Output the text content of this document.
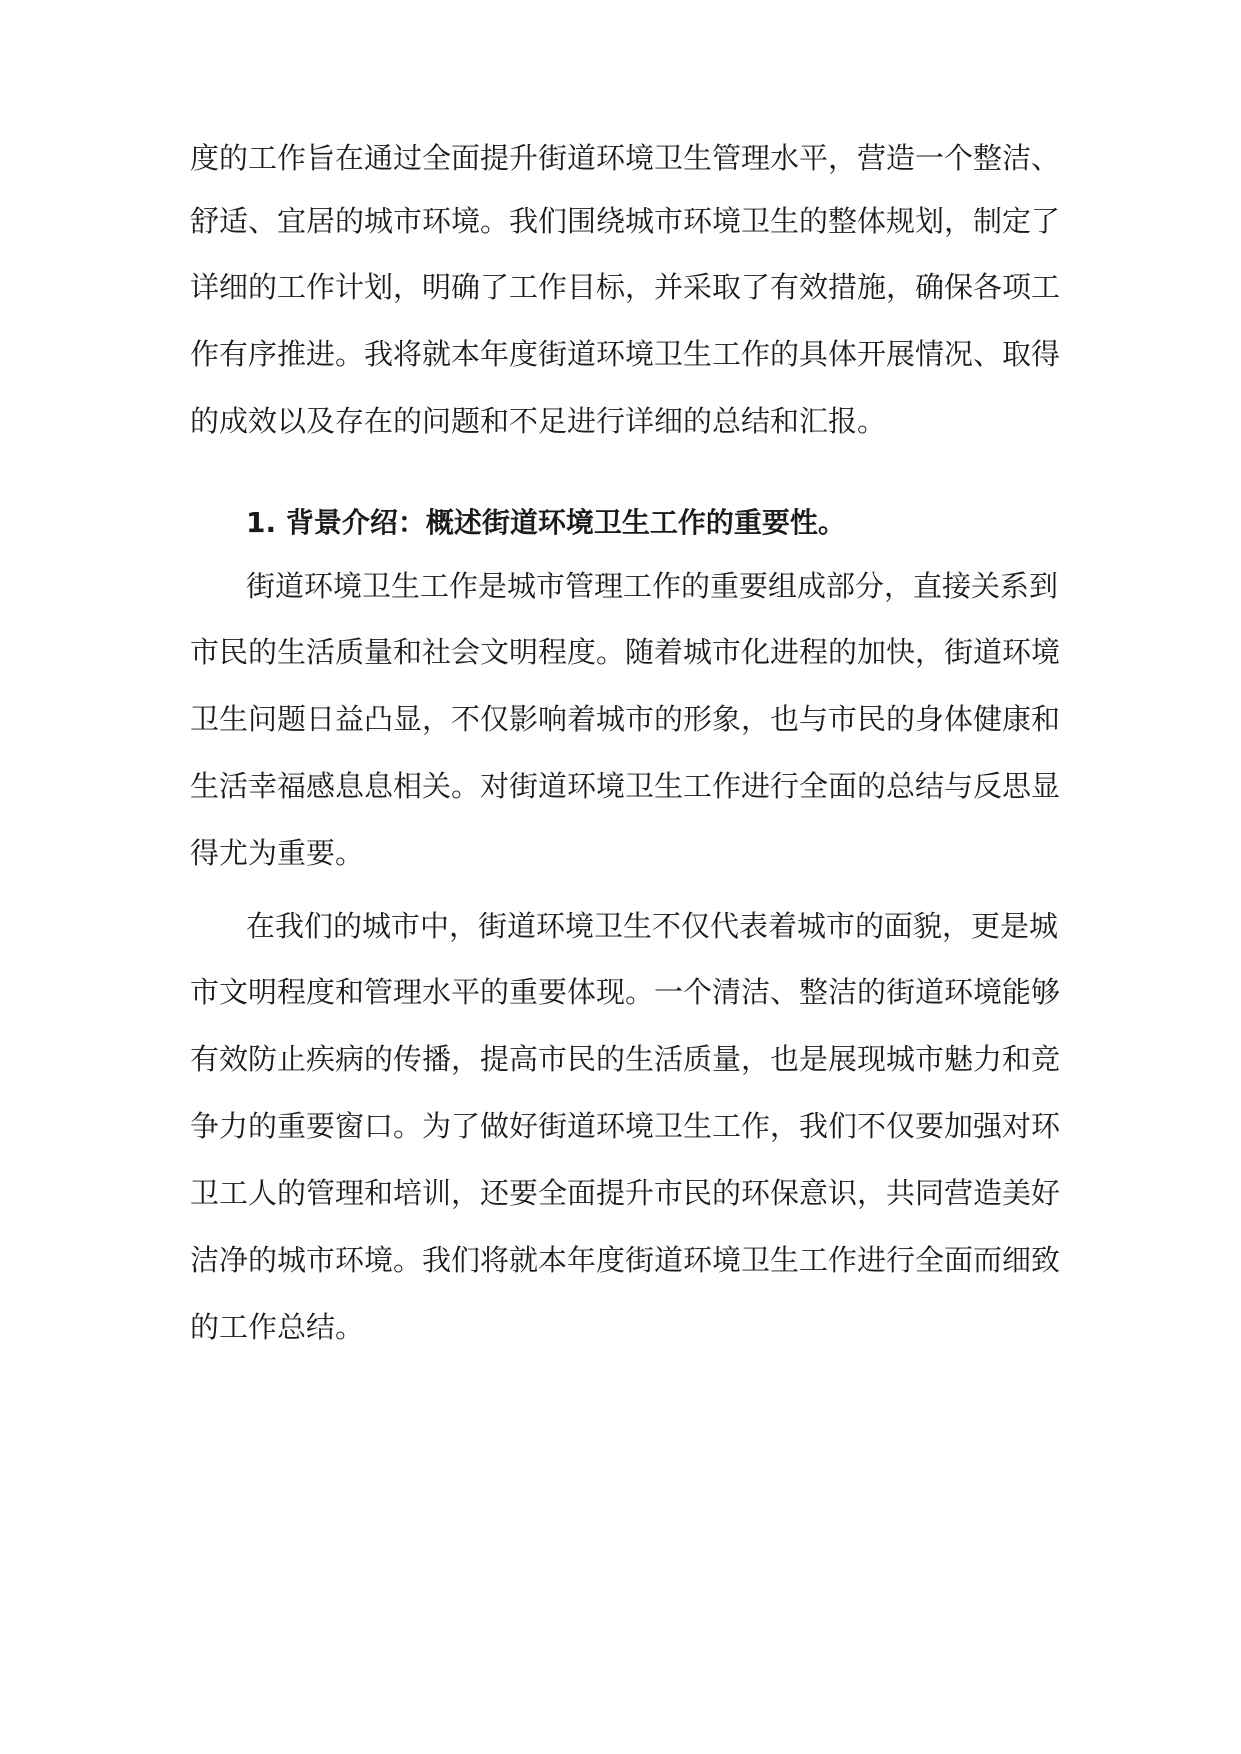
度的工作旨在通过全面提升街道环境卫生管理水平，营造一个整洁、
舒适、宜居的城市环境。我们围绕城市环境卫生的整体规划，制定了
详细的工作计划，明确了工作目标，并采取了有效措施，确保各项工
作有序推进。我将就本年度街道环境卫生工作的具体开展情况、取得
的成效以及存在的问题和不足进行详细的总结和汇报。
1. 背景介绍：概述街道环境卫生工作的重要性。
街道环境卫生工作是城市管理工作的重要组成部分，直接关系到
市民的生活质量和社会文明程度。随着城市化进程的加快，街道环境
卫生问题日益凸显，不仅影响着城市的形象，也与市民的身体健康和
生活幸福感息息相关。对街道环境卫生工作进行全面的总结与反思显
得尤为重要。
在我们的城市中，街道环境卫生不仅代表着城市的面貌，更是城
市文明程度和管理水平的重要体现。一个清洁、整洁的街道环境能够
有效防止疾病的传播，提高市民的生活质量，也是展现城市魅力和竞
争力的重要窗口。为了做好街道环境卫生工作，我们不仅要加强对环
卫工人的管理和培训，还要全面提升市民的环保意识，共同营造美好
洁净的城市环境。我们将就本年度街道环境卫生工作进行全面而细致
的工作总结。
